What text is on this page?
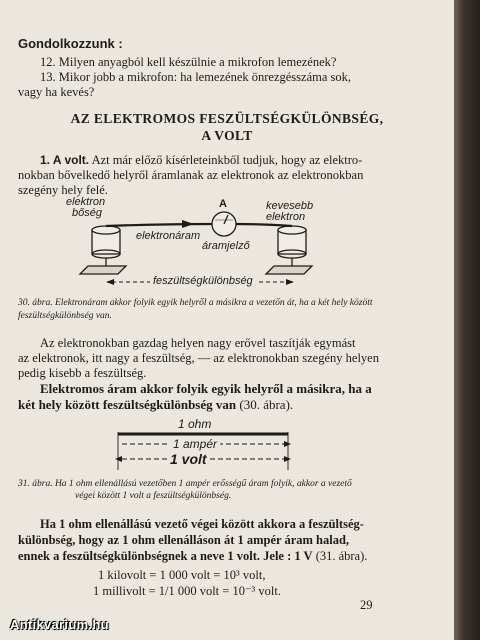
Gondolkozzunk :
12. Milyen anyagból kell készülnie a mikrofon lemezének?
13. Mikor jobb a mikrofon: ha lemezének önrezgésszáma sok,
vagy ha kevés?
AZ ELEKTROMOS FESZÜLTSÉGKÜLÖNBSÉG,
A VOLT
1. A volt. Azt már előző kísérleteinkből tudjuk, hogy az elektro-
nokban bővelkedő helyről áramlanak az elektronok az elektronokban
szegény hely felé.
elektron
bőség
elektronáram
A
áramjelző
kevesebb
elektron
feszültségkülönbség
30. ábra. Elektronáram akkor folyik egyik helyről a másikra a vezetőn át, ha a két hely között feszültségkülönbség van.
Az elektronokban gazdag helyen nagy erővel taszítják egymást
az elektronok, itt nagy a feszültség, — az elektronokban szegény helyen
pedig kisebb a feszültség.
Elektromos áram akkor folyik egyik helyről a másikra, ha a
két hely között feszültségkülönbség van (30. ábra).
1 ohm
1 ampér
1 volt
31. ábra. Ha 1 ohm ellenállású vezetőben 1 ampér erősségű áram folyik, akkor a vezető
végei között 1 volt a feszültségkülönbség.
Ha 1 ohm ellenállású vezető végei között akkora a feszültség-
különbség, hogy az 1 ohm ellenálláson át 1 ampér áram halad,
ennek a feszültségkülönbségnek a neve 1 volt. Jele : 1 V (31. ábra).
1 kilovolt = 1 000 volt = 10³ volt,
1 millivolt = 1/1 000 volt = 10⁻³ volt.
29
Antikvarium.hu
